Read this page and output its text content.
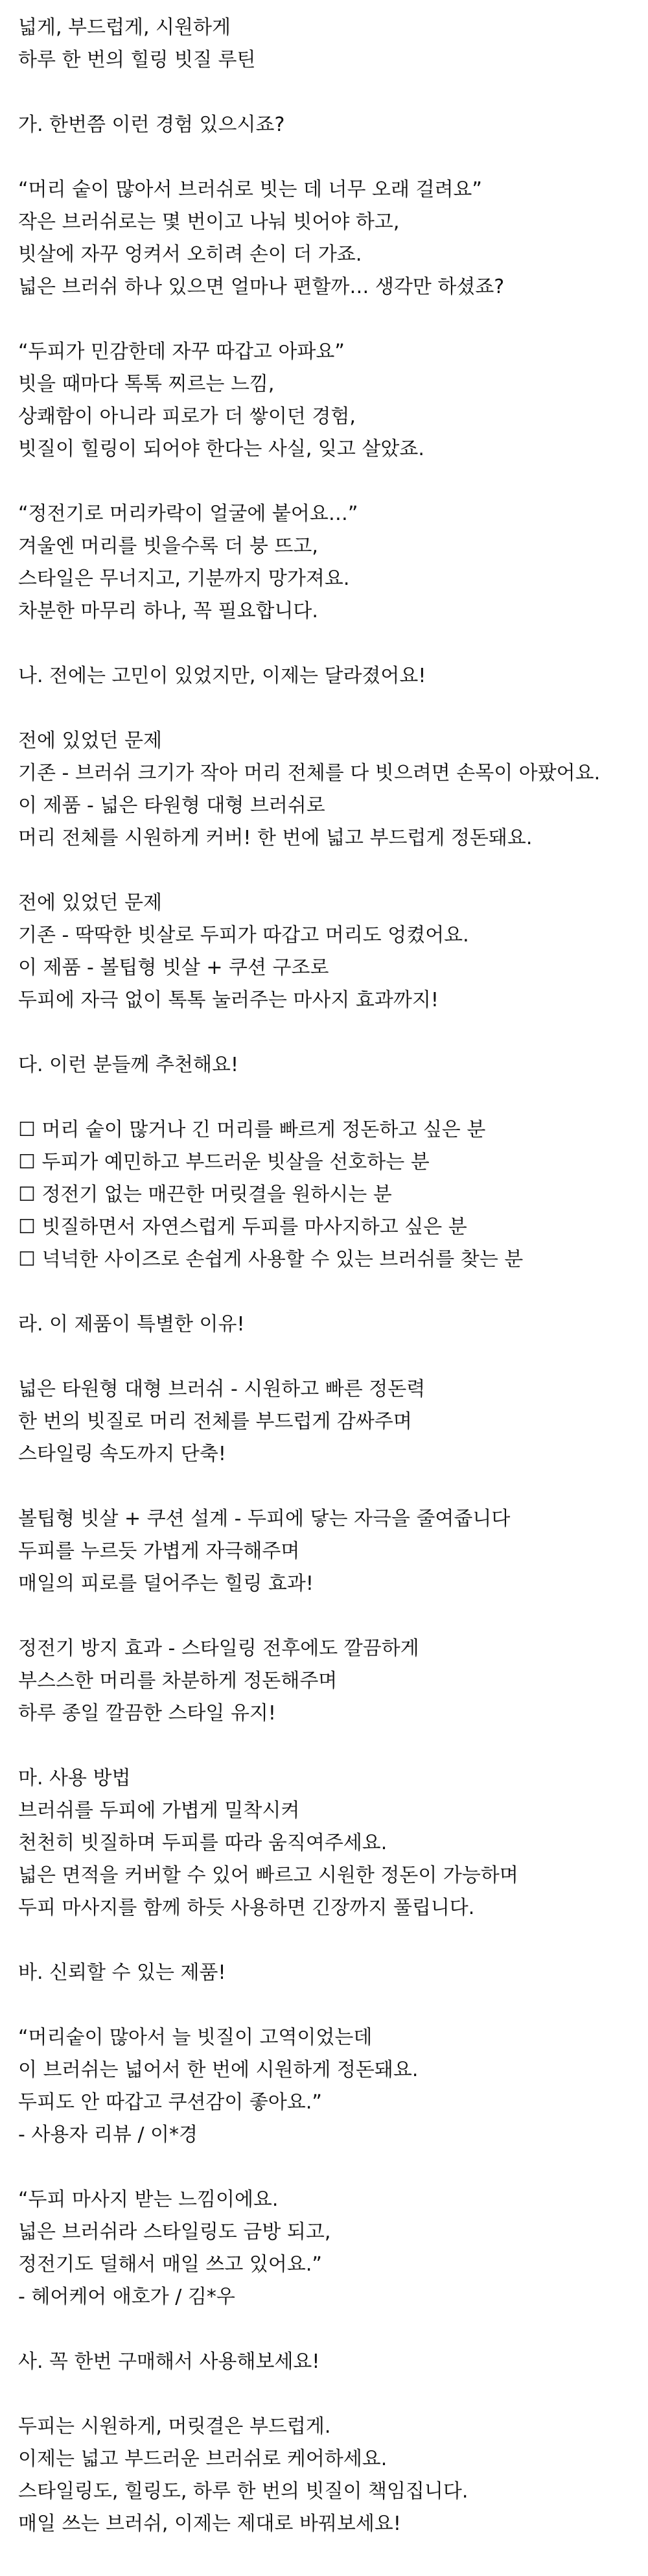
넓게, 부드럽게, 시원하게
하루 한 번의 힐링 빗질 루틴
가. 한번쯤 이런 경험 있으시죠?
“머리 숱이 많아서 브러쉬로 빗는 데 너무 오래 걸려요”
작은 브러쉬로는 몇 번이고 나눠 빗어야 하고,
빗살에 자꾸 엉켜서 오히려 손이 더 가죠.
넓은 브러쉬 하나 있으면 얼마나 편할까… 생각만 하셨죠?
“두피가 민감한데 자꾸 따갑고 아파요”
빗을 때마다 톡톡 찌르는 느낌,
상쾌함이 아니라 피로가 더 쌓이던 경험,
빗질이 힐링이 되어야 한다는 사실, 잊고 살았죠.
“정전기로 머리카락이 얼굴에 붙어요…”
겨울엔 머리를 빗을수록 더 붕 뜨고,
스타일은 무너지고, 기분까지 망가져요.
차분한 마무리 하나, 꼭 필요합니다.
나. 전에는 고민이 있었지만, 이제는 달라졌어요!
전에 있었던 문제
기존 - 브러쉬 크기가 작아 머리 전체를 다 빗으려면 손목이 아팠어요.
이 제품 - 넓은 타원형 대형 브러쉬로
머리 전체를 시원하게 커버! 한 번에 넓고 부드럽게 정돈돼요.
전에 있었던 문제
기존 - 딱딱한 빗살로 두피가 따갑고 머리도 엉켰어요.
이 제품 - 볼팁형 빗살 + 쿠션 구조로
두피에 자극 없이 톡톡 눌러주는 마사지 효과까지!
다. 이런 분들께 추천해요!
☐ 머리 숱이 많거나 긴 머리를 빠르게 정돈하고 싶은 분
☐ 두피가 예민하고 부드러운 빗살을 선호하는 분
☐ 정전기 없는 매끈한 머릿결을 원하시는 분
☐ 빗질하면서 자연스럽게 두피를 마사지하고 싶은 분
☐ 넉넉한 사이즈로 손쉽게 사용할 수 있는 브러쉬를 찾는 분
라. 이 제품이 특별한 이유!
넓은 타원형 대형 브러쉬 - 시원하고 빠른 정돈력
한 번의 빗질로 머리 전체를 부드럽게 감싸주며
스타일링 속도까지 단축!
볼팁형 빗살 + 쿠션 설계 - 두피에 닿는 자극을 줄여줍니다
두피를 누르듯 가볍게 자극해주며
매일의 피로를 덜어주는 힐링 효과!
정전기 방지 효과 - 스타일링 전후에도 깔끔하게
부스스한 머리를 차분하게 정돈해주며
하루 종일 깔끔한 스타일 유지!
마. 사용 방법
브러쉬를 두피에 가볍게 밀착시켜
천천히 빗질하며 두피를 따라 움직여주세요.
넓은 면적을 커버할 수 있어 빠르고 시원한 정돈이 가능하며
두피 마사지를 함께 하듯 사용하면 긴장까지 풀립니다.
바. 신뢰할 수 있는 제품!
“머리숱이 많아서 늘 빗질이 고역이었는데
이 브러쉬는 넓어서 한 번에 시원하게 정돈돼요.
두피도 안 따갑고 쿠션감이 좋아요.”
- 사용자 리뷰 / 이*경
“두피 마사지 받는 느낌이에요.
넓은 브러쉬라 스타일링도 금방 되고,
정전기도 덜해서 매일 쓰고 있어요.”
- 헤어케어 애호가 / 김*우
사. 꼭 한번 구매해서 사용해보세요!
두피는 시원하게, 머릿결은 부드럽게.
이제는 넓고 부드러운 브러쉬로 케어하세요.
스타일링도, 힐링도, 하루 한 번의 빗질이 책임집니다.
매일 쓰는 브러쉬, 이제는 제대로 바꿔보세요!
